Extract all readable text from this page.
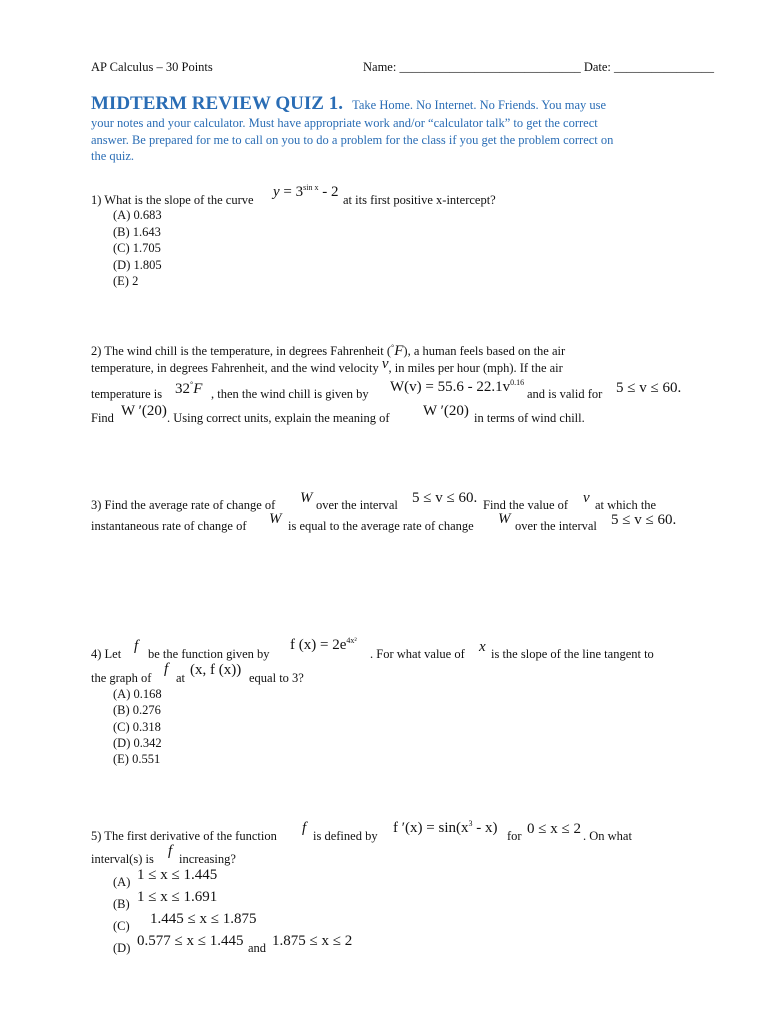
AP Calculus – 30 Points	Name: _____________________________ Date: ________________
MIDTERM REVIEW QUIZ 1. Take Home. No Internet. No Friends. You may use
your notes and your calculator. Must have appropriate work and/or “calculator talk” to get the correct
answer. Be prepared for me to call on you to do a problem for the class if you get the problem correct on
the quiz.
1) What is the slope of the curve $y = 3^{sin x} - 2$ at its first positive x-intercept?
(A) 0.683
(B) 1.643
(C) 1.705
(D) 1.805
(E) 2
2) The wind chill is the temperature, in degrees Fahrenheit (°F), a human feels based on the air
temperature, in degrees Fahrenheit, and the wind velocity v, in miles per hour (mph). If the air
temperature is 32°F , then the wind chill is given by $W(v) = 55.6 - 22.1v^{0.16}$
and is valid for 5 ≤ v ≤ 60.
Find W ′(20) . Using correct units, explain the meaning of W ′(20) in terms of wind chill.
3) Find the average rate of change of W over the interval 5 ≤ v ≤ 60. Find the value of v at which the
instantaneous rate of change of W is equal to the average rate of change W over the interval 5 ≤ v ≤ 60.
4) Let f be the function given by
f $(x) = 2e^{4x^2}$
. For what value of x is the slope of the line tangent to
the graph of
f
at (x, f (x)) equal to 3?
(A) 0.168
(B) 0.276
(C) 0.318
(D) 0.342
(E) 0.551
5) The first derivative of the function f is defined by f $'(x) = \sin(x^3 - x)$ for 0 ≤ x ≤ 2 . On what
interval(s) is f increasing?
(A) 1 ≤ x ≤ 1.445
(B) 1 ≤ x ≤ 1.691
(C) 1.445 ≤ x ≤ 1.875
(D) 0.577 ≤ x ≤ 1.445 and 1.875 ≤ x ≤ 2
